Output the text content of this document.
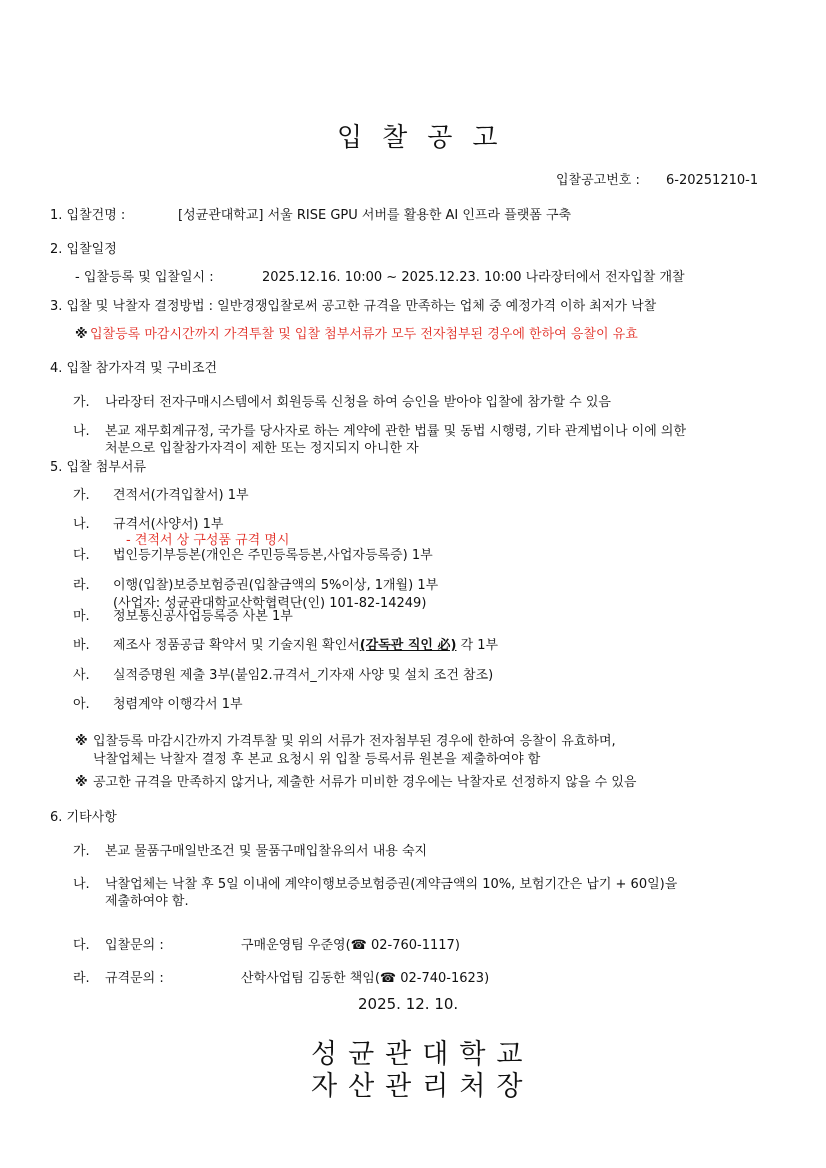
입찰공고
입찰공고번호 : 6-20251210-1
1. 입찰건명 :	[성균관대학교] 서울 RISE GPU 서버를 활용한 AI 인프라 플랫폼 구축
2. 입찰일정
- 입찰등록 및 입찰일시 :	2025.12.16. 10:00 ~ 2025.12.23. 10:00 나라장터에서 전자입찰 개찰
3. 입찰 및 낙찰자 결정방법 : 일반경쟁입찰로써 공고한 규격을 만족하는 업체 중 예정가격 이하 최저가 낙찰
※ 입찰등록 마감시간까지 가격투찰 및 입찰 첨부서류가 모두 전자첨부된 경우에 한하여 응찰이 유효
4. 입찰 참가자격 및 구비조건
가. 나라장터 전자구매시스템에서 회원등록 신청을 하여 승인을 받아야 입찰에 참가할 수 있음
나. 본교 재무회계규정, 국가를 당사자로 하는 계약에 관한 법률 및 동법 시행령, 기타 관계법이나 이에 의한
처분으로 입찰참가자격이 제한 또는 정지되지 아니한 자
5. 입찰 첨부서류
가. 견적서(가격입찰서) 1부
나. 규격서(사양서) 1부
- 견적서 상 구성품 규격 명시
다. 법인등기부등본(개인은 주민등록등본,사업자등록증) 1부
라. 이행(입찰)보증보험증권(입찰금액의 5%이상, 1개월) 1부
(사업자: 성균관대학교산학협력단(인) 101-82-14249)
마. 정보통신공사업등록증 사본 1부
바. 제조사 정품공급 확약서 및 기술지원 확인서(감독관 직인 必) 각 1부
사. 실적증명원 제출 3부(붙임2.규격서_기자재 사양 및 설치 조건 참조)
아. 청렴계약 이행각서 1부
※ 입찰등록 마감시간까지 가격투찰 및 위의 서류가 전자첨부된 경우에 한하여 응찰이 유효하며,
낙찰업체는 낙찰자 결정 후 본교 요청시 위 입찰 등록서류 원본을 제출하여야 함
※ 공고한 규격을 만족하지 않거나, 제출한 서류가 미비한 경우에는 낙찰자로 선정하지 않을 수 있음
6. 기타사항
가. 본교 물품구매일반조건 및 물품구매입찰유의서 내용 숙지
나. 낙찰업체는 낙찰 후 5일 이내에 계약이행보증보험증권(계약금액의 10%, 보험기간은 납기 + 60일)을
제출하여야 함.
다. 입찰문의 :	구매운영팀 우준영(☎ 02-760-1117)
라. 규격문의 :	산학사업팀 김동한 책임(☎ 02-740-1623)
2025. 12. 10.
성균관대학교
자산관리처장
